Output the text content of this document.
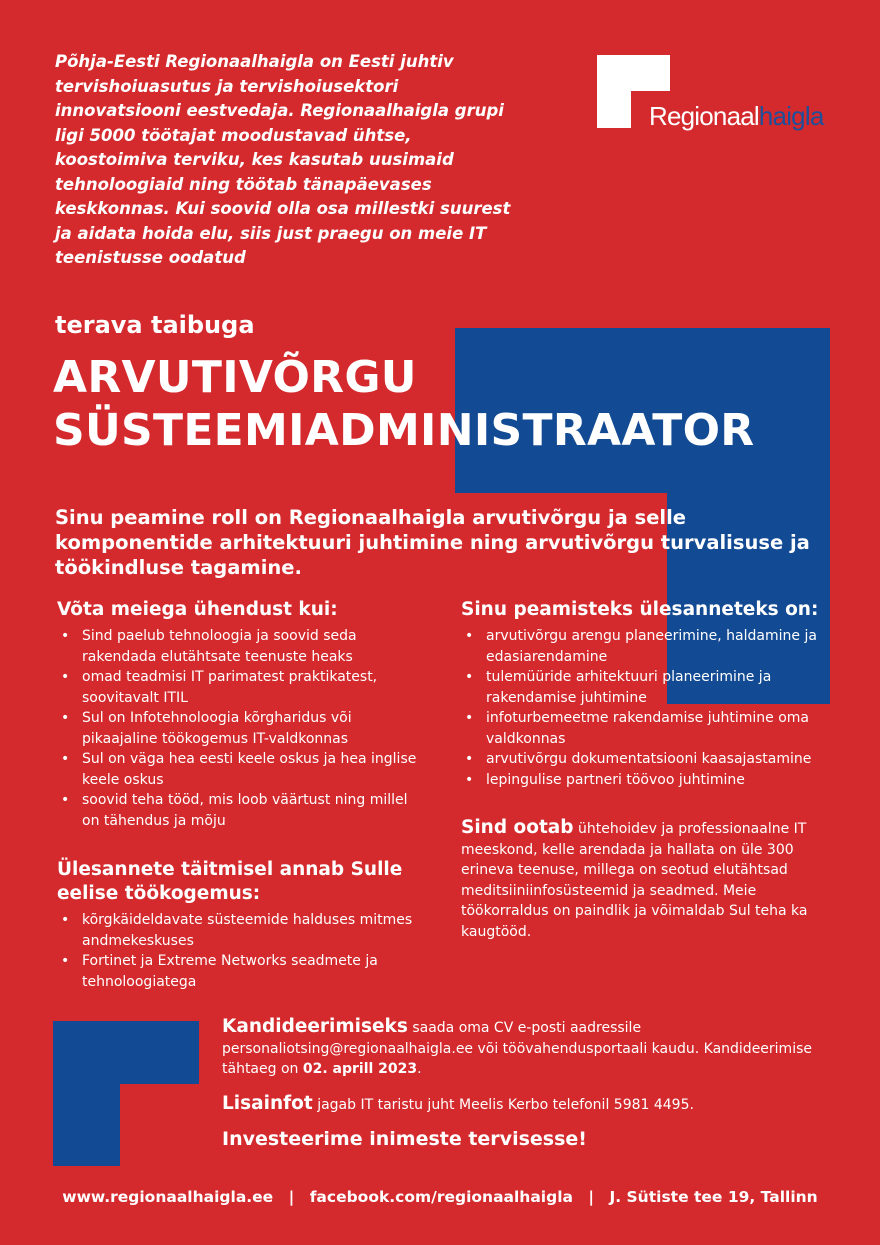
Põhja-Eesti Regionaalhaigla on Eesti juhtiv tervishoiuasutus ja tervishoiusektori innovatsiooni eestvedaja. Regionaalhaigla grupi ligi 5000 töötajat moodustavad ühtse, koostoimiva terviku, kes kasutab uusimaid tehnoloogiaid ning töötab tänapäevases keskkonnas. Kui soovid olla osa millestki suurest ja aidata hoida elu, siis just praegu on meie IT teenistusse oodatud
Regionaalhaigla
terava taibuga
ARVUTIVÕRGU
SÜSTEEMIADMINISTRAATOR
Sinu peamine roll on Regionaalhaigla arvutivõrgu ja selle komponentide arhitektuuri juhtimine ning arvutivõrgu turvalisuse ja töökindluse tagamine.
Võta meiega ühendust kui:
• Sind paelub tehnoloogia ja soovid seda rakendada elutähtsate teenuste heaks
• omad teadmisi IT parimatest praktikatest, soovitavalt ITIL
• Sul on Infotehnoloogia kõrgharidus või pikaajaline töökogemus IT-valdkonnas
• Sul on väga hea eesti keele oskus ja hea inglise keele oskus
• soovid teha tööd, mis loob väärtust ning millel on tähendus ja mõju
Ülesannete täitmisel annab Sulle eelise töökogemus:
• kõrgkäideldavate süsteemide halduses mitmes andmekeskuses
• Fortinet ja Extreme Networks seadmete ja tehnoloogiatega
Sinu peamisteks ülesanneteks on:
• arvutivõrgu arengu planeerimine, haldamine ja edasiarendamine
• tulemüüride arhitektuuri planeerimine ja rakendamise juhtimine
• infoturbemeetme rakendamise juhtimine oma valdkonnas
• arvutivõrgu dokumentatsiooni kaasajastamine
• lepingulise partneri töövoo juhtimine
Sind ootab ühtehoidev ja professionaalne IT meeskond, kelle arendada ja hallata on üle 300 erineva teenuse, millega on seotud elutähtsad meditsiiniinfosüsteemid ja seadmed. Meie töökorraldus on paindlik ja võimaldab Sul teha ka kaugtööd.

Kandideerimiseks saada oma CV e-posti aadressile personaliotsing@regionaalhaigla.ee või töövahendusportaali kaudu. Kandideerimise tähtaeg on 02. aprill 2023.

Lisainfot jagab IT taristu juht Meelis Kerbo telefonil 5981 4495.

Investeerime inimeste tervisesse!

www.regionaalhaigla.ee | facebook.com/regionaalhaigla | J. Sütiste tee 19, Tallinn
